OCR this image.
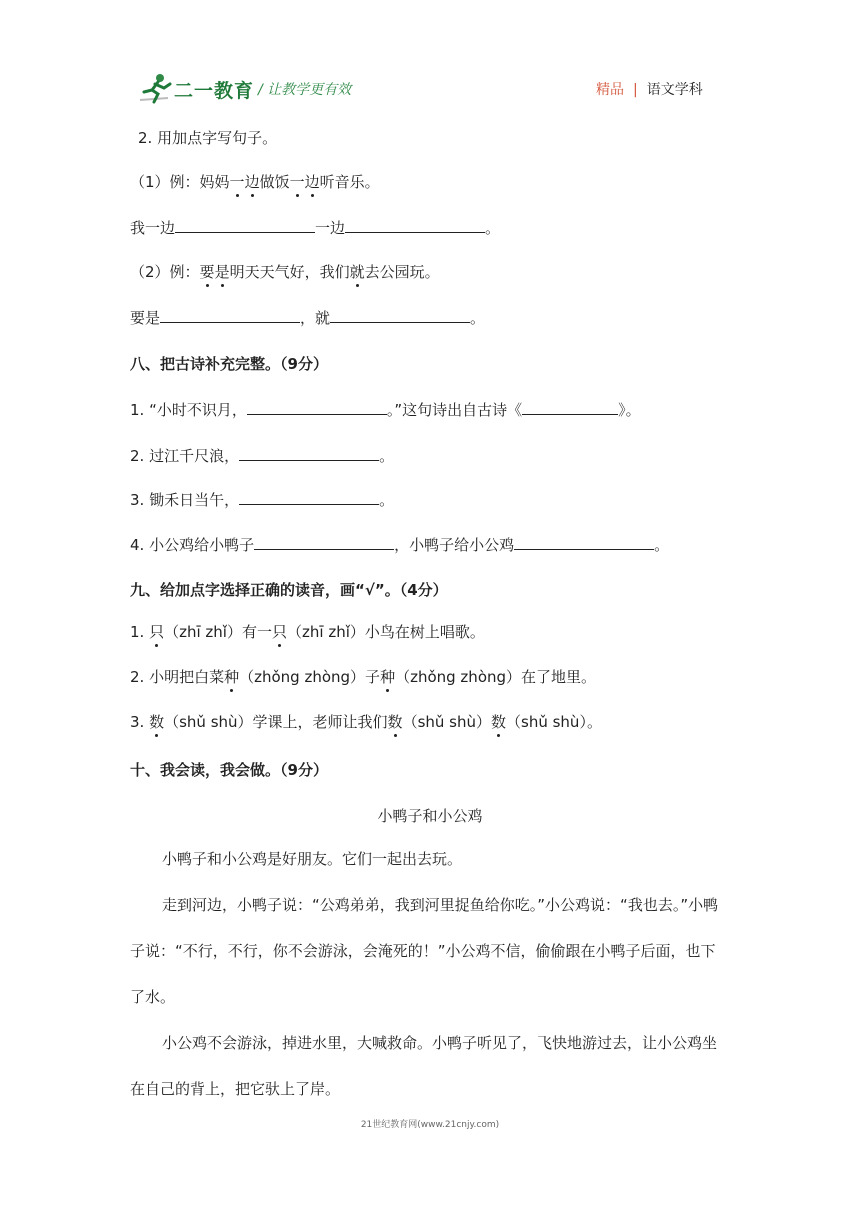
二一教育 / 让教学更有效	精品 | 语文学科
2. 用加点字写句子。
（1）例：妈妈一边做饭一边听音乐。
我一边	一边	。
（2）例：要是明天天气好，我们就去公园玩。
要是	，就	。
八、把古诗补充完整。（9分）
1. “小时不识月，	。”这句诗出自古诗《	》。
2. 过江千尺浪，	。
3. 锄禾日当午，	。
4. 小公鸡给小鸭子	，小鸭子给小公鸡	。
九、给加点字选择正确的读音，画“√”。（4分）
1. 只（zhī zhǐ）有一只（zhī zhǐ）小鸟在树上唱歌。
2. 小明把白菜种（zhǒng zhòng）子种（zhǒng zhòng）在了地里。
3. 数（shǔ shù）学课上，老师让我们数（shǔ shù）数（shǔ shù）。
十、我会读，我会做。（9分）
小鸭子和小公鸡
小鸭子和小公鸡是好朋友。它们一起出去玩。
走到河边，小鸭子说：“公鸡弟弟，我到河里捉鱼给你吃。”小公鸡说：“我也去。”小鸭子说：“不行，不行，你不会游泳，会淹死的！”小公鸡不信，偷偷跟在小鸭子后面，也下了水。
小公鸡不会游泳，掉进水里，大喊救命。小鸭子听见了，飞快地游过去，让小公鸡坐在自己的背上，把它驮上了岸。
21世纪教育网(www.21cnjy.com)
